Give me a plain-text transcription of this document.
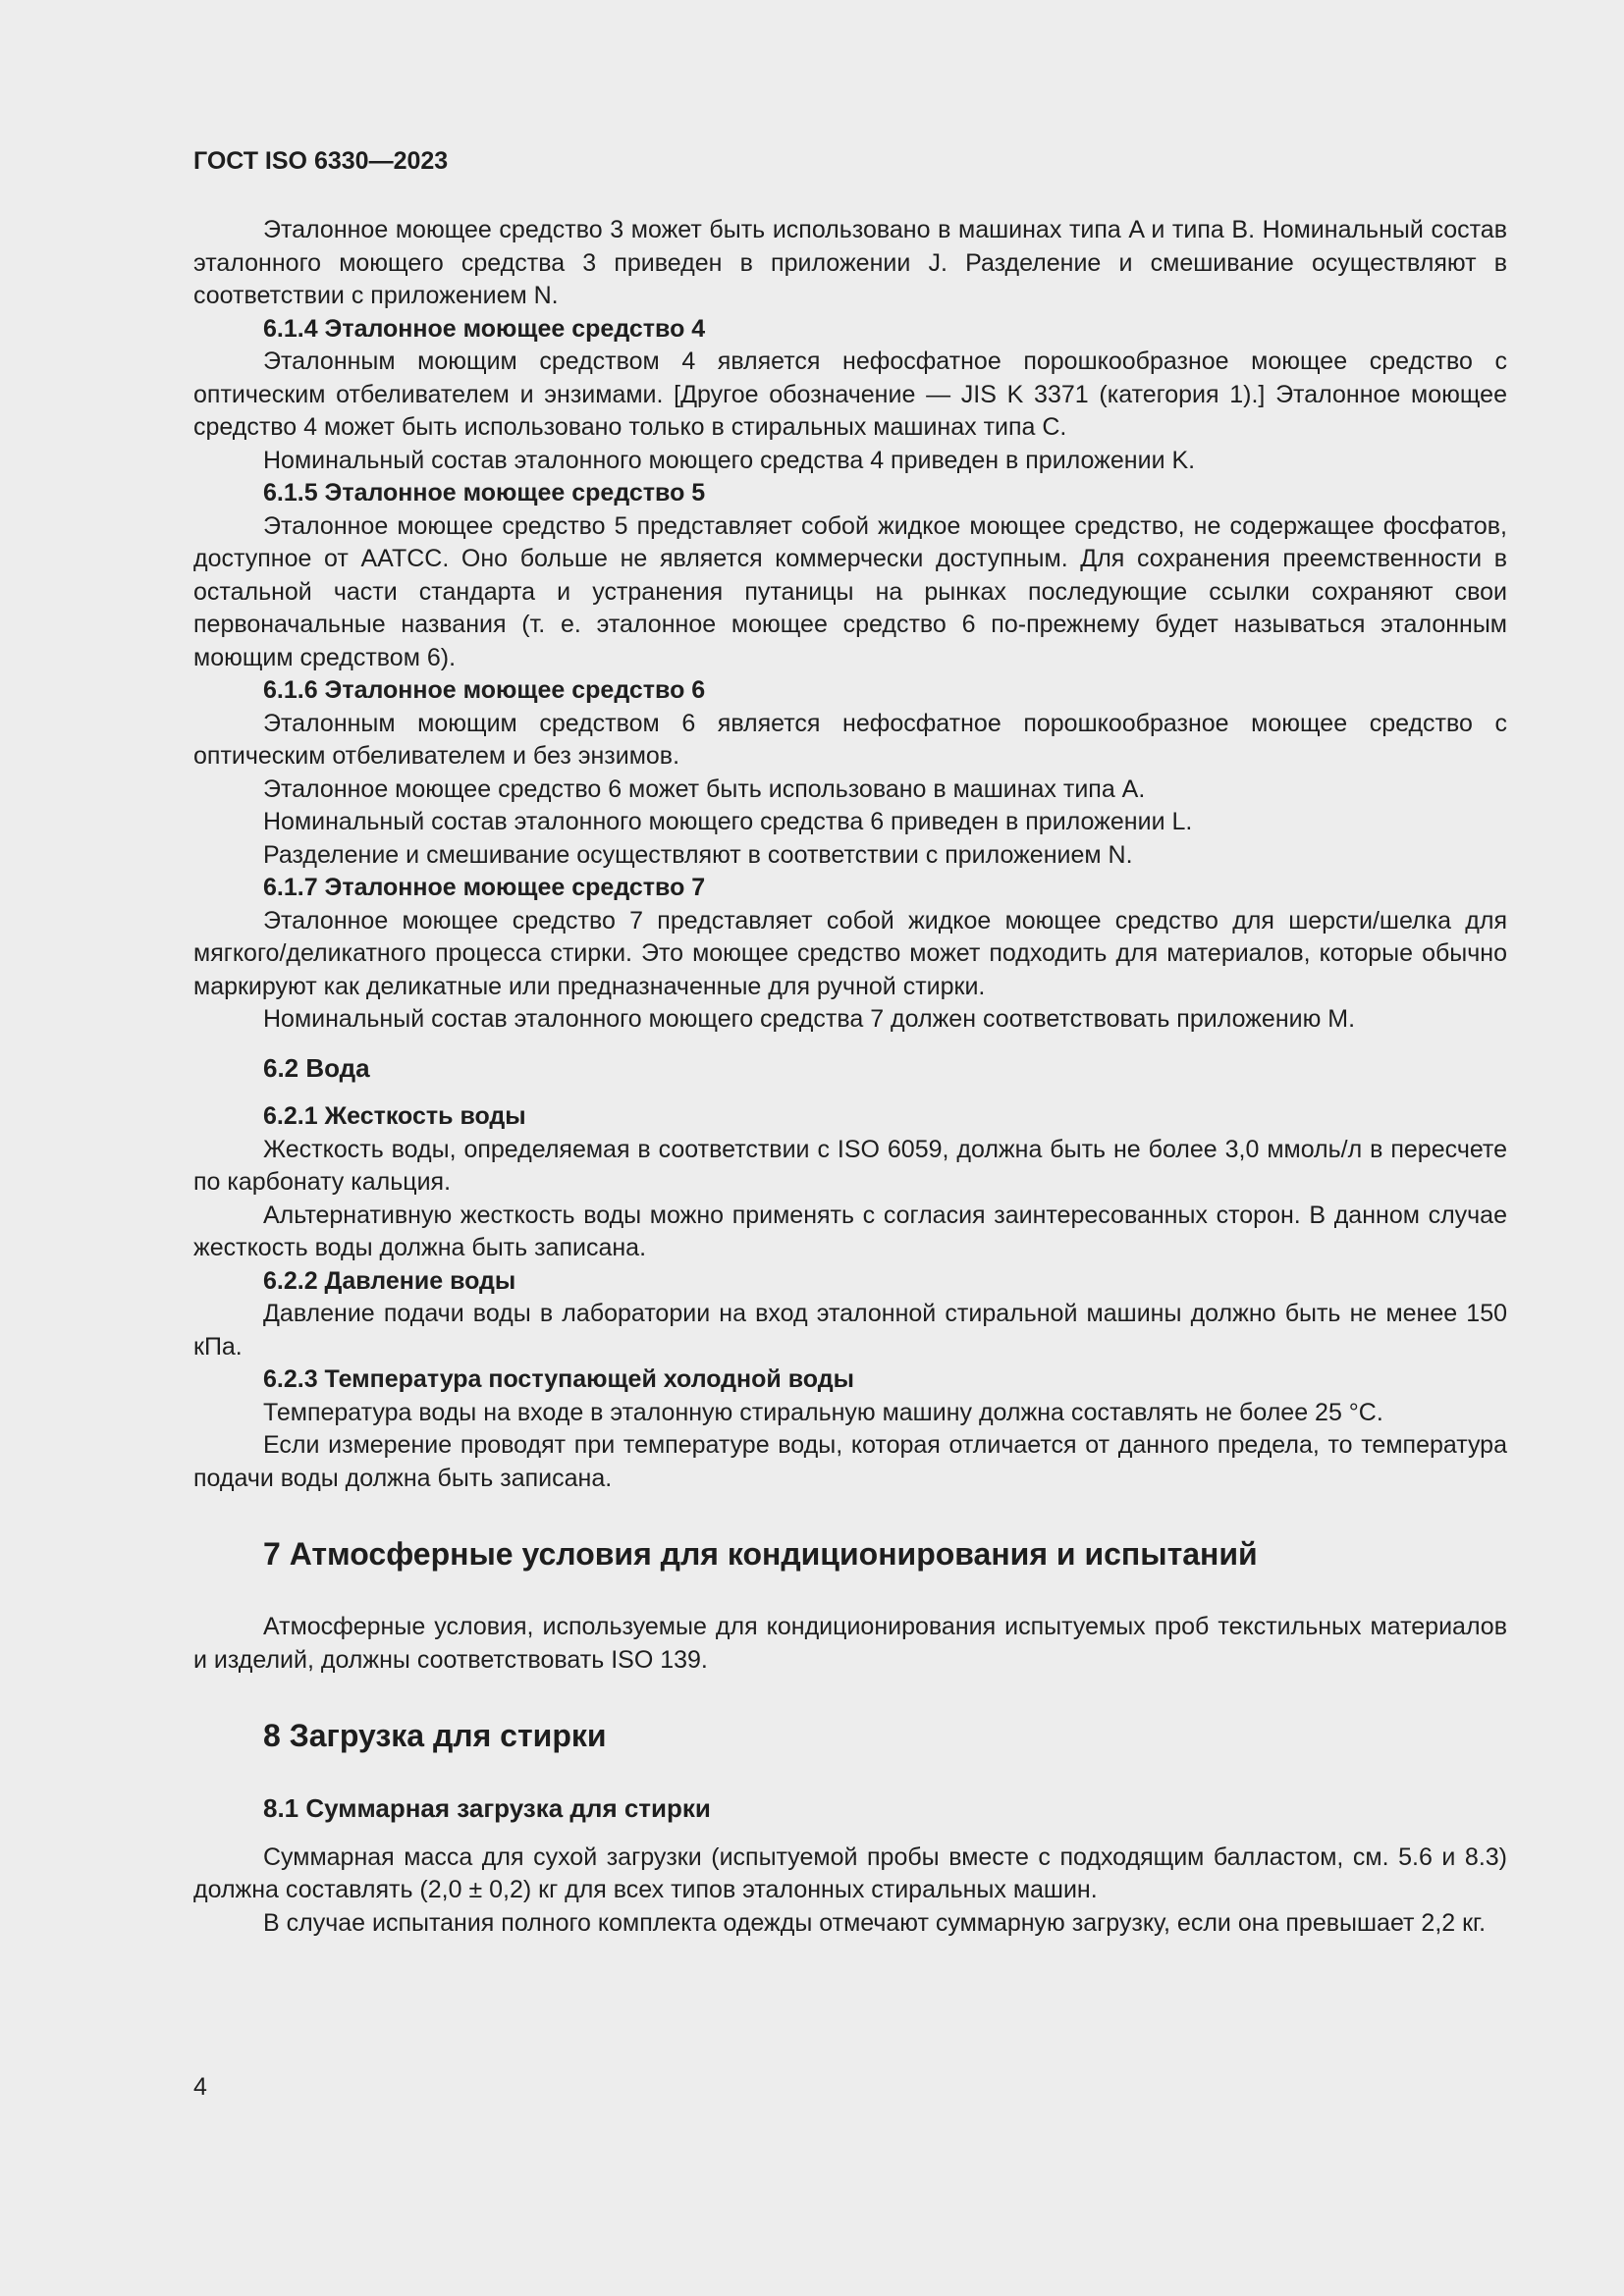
ГОСТ ISO 6330—2023

Эталонное моющее средство 3 может быть использовано в машинах типа A и типа B. Номинальный состав эталонного моющего средства 3 приведен в приложении J. Разделение и смешивание осуществляют в соответствии с приложением N.

6.1.4 Эталонное моющее средство 4

Эталонным моющим средством 4 является нефосфатное порошкообразное моющее средство с оптическим отбеливателем и энзимами. [Другое обозначение — JIS K 3371 (категория 1).] Эталонное моющее средство 4 может быть использовано только в стиральных машинах типа C.

Номинальный состав эталонного моющего средства 4 приведен в приложении K.

6.1.5 Эталонное моющее средство 5

Эталонное моющее средство 5 представляет собой жидкое моющее средство, не содержащее фосфатов, доступное от AATCC. Оно больше не является коммерчески доступным. Для сохранения преемственности в остальной части стандарта и устранения путаницы на рынках последующие ссылки сохраняют свои первоначальные названия (т. е. эталонное моющее средство 6 по-прежнему будет называться эталонным моющим средством 6).

6.1.6 Эталонное моющее средство 6

Эталонным моющим средством 6 является нефосфатное порошкообразное моющее средство с оптическим отбеливателем и без энзимов.

Эталонное моющее средство 6 может быть использовано в машинах типа A.

Номинальный состав эталонного моющего средства 6 приведен в приложении L.

Разделение и смешивание осуществляют в соответствии с приложением N.

6.1.7 Эталонное моющее средство 7

Эталонное моющее средство 7 представляет собой жидкое моющее средство для шерсти/шелка для мягкого/деликатного процесса стирки. Это моющее средство может подходить для материалов, которые обычно маркируют как деликатные или предназначенные для ручной стирки.

Номинальный состав эталонного моющего средства 7 должен соответствовать приложению M.

6.2 Вода
6.2.1 Жесткость воды

Жесткость воды, определяемая в соответствии с ISO 6059, должна быть не более 3,0 ммоль/л в пересчете по карбонату кальция.

Альтернативную жесткость воды можно применять с согласия заинтересованных сторон. В данном случае жесткость воды должна быть записана.

6.2.2 Давление воды

Давление подачи воды в лаборатории на вход эталонной стиральной машины должно быть не менее 150 кПа.

6.2.3 Температура поступающей холодной воды

Температура воды на входе в эталонную стиральную машину должна составлять не более 25 °C.

Если измерение проводят при температуре воды, которая отличается от данного предела, то температура подачи воды должна быть записана.

7 Атмосферные условия для кондиционирования и испытаний

Атмосферные условия, используемые для кондиционирования испытуемых проб текстильных материалов и изделий, должны соответствовать ISO 139.

8 Загрузка для стирки
8.1 Суммарная загрузка для стирки

Суммарная масса для сухой загрузки (испытуемой пробы вместе с подходящим балластом, см. 5.6 и 8.3) должна составлять (2,0 ± 0,2) кг для всех типов эталонных стиральных машин.

В случае испытания полного комплекта одежды отмечают суммарную загрузку, если она превышает 2,2 кг.

4
